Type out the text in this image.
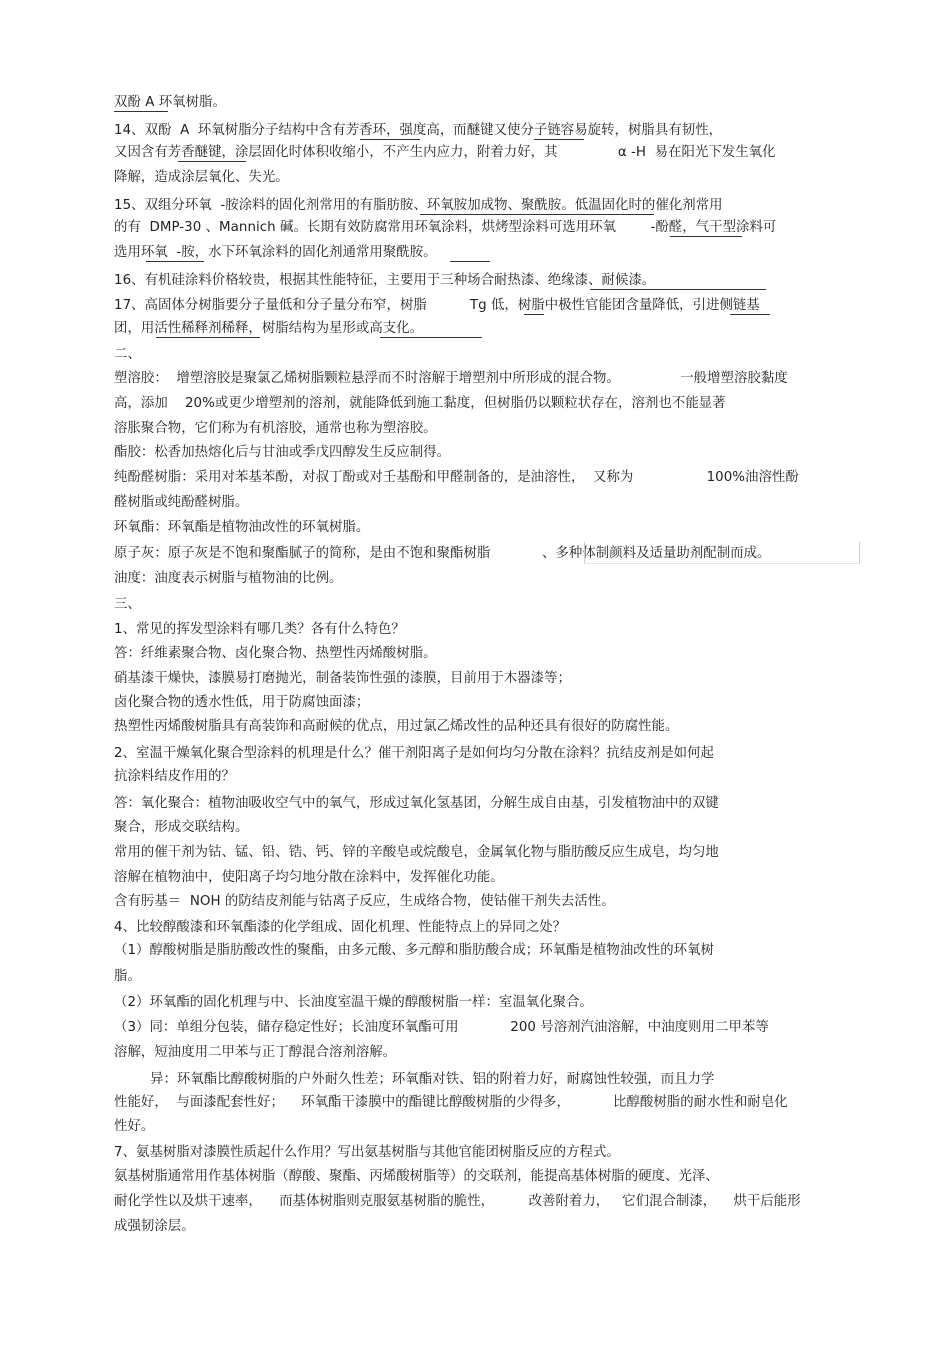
双酚 A 环氧树脂。
14、双酚  A  环氧树脂分子结构中含有芳香环，强度高，而醚键又使分子链容易旋转，树脂具有韧性，
又因含有芳香醚键，涂层固化时体积收缩小，不产生内应力，附着力好，其              α -H  易在阳光下发生氧化
降解，造成涂层氧化、失光。
15、双组分环氧  -胺涂料的固化剂常用的有脂肪胺、环氧胺加成物、聚酰胺。低温固化时的催化剂常用
的有  DMP-30 、Mannich 碱。长期有效防腐常用环氧涂料，烘烤型涂料可选用环氧        -酚醛，气干型涂料可
选用环氧  -胺，水下环氧涂料的固化剂通常用聚酰胺。
16、有机硅涂料价格较贵，根据其性能特征，主要用于三种场合耐热漆、绝缘漆、耐候漆。
17、高固体分树脂要分子量低和分子量分布窄，树脂          Tg 低，树脂中极性官能团含量降低，引进侧链基
团，用活性稀释剂稀释，树脂结构为星形或高支化。
二、
塑溶胶：  增塑溶胶是聚氯乙烯树脂颗粒悬浮而不时溶解于增塑剂中所形成的混合物。              一般增塑溶胶黏度
高，添加    20%或更少增塑剂的溶剂，就能降低到施工黏度，但树脂仍以颗粒状存在，溶剂也不能显著
溶胀聚合物，它们称为有机溶胶，通常也称为塑溶胶。
酯胶：松香加热熔化后与甘油或季戊四醇发生反应制得。
纯酚醛树脂：采用对苯基苯酚，对叔丁酚或对壬基酚和甲醛制备的，是油溶性，  又称为                 100%油溶性酚
醛树脂或纯酚醛树脂。
环氧酯：环氧酯是植物油改性的环氧树脂。
原子灰：原子灰是不饱和聚酯腻子的简称，是由不饱和聚酯树脂            、多种体制颜料及适量助剂配制而成。
油度：油度表示树脂与植物油的比例。
三、
1、常见的挥发型涂料有哪几类？各有什么特色？
答：纤维素聚合物、卤化聚合物、热塑性丙烯酸树脂。
硝基漆干燥快，漆膜易打磨抛光，制备装饰性强的漆膜，目前用于木器漆等；
卤化聚合物的透水性低，用于防腐蚀面漆；
热塑性丙烯酸树脂具有高装饰和高耐候的优点，用过氯乙烯改性的品种还具有很好的防腐性能。
2、室温干燥氧化聚合型涂料的机理是什么？催干剂阳离子是如何均匀分散在涂料？抗结皮剂是如何起
抗涂料结皮作用的？
答：氧化聚合：植物油吸收空气中的氧气，形成过氧化氢基团，分解生成自由基，引发植物油中的双键
聚合，形成交联结构。
常用的催干剂为钴、锰、铅、锆、钙、锌的辛酸皂或烷酸皂，金属氧化物与脂肪酸反应生成皂，均匀地
溶解在植物油中，使阳离子均匀地分散在涂料中，发挥催化功能。
含有肟基＝  NOH 的防结皮剂能与钴离子反应，生成络合物，使钴催干剂失去活性。
4、比较醇酸漆和环氧酯漆的化学组成、固化机理、性能特点上的异同之处？
（1）醇酸树脂是脂肪酸改性的聚酯，由多元酸、多元醇和脂肪酸合成；环氧酯是植物油改性的环氧树
脂。
（2）环氧酯的固化机理与中、长油度室温干燥的醇酸树脂一样：室温氧化聚合。
（3）同：单组分包装，储存稳定性好；长油度环氧酯可用            200 号溶剂汽油溶解，中油度则用二甲苯等
溶解，短油度用二甲苯与正丁醇混合溶剂溶解。
异：环氧酯比醇酸树脂的户外耐久性差；环氧酯对铁、铝的附着力好，耐腐蚀性较强，而且力学
性能好，  与面漆配套性好；    环氧酯干漆膜中的酯键比醇酸树脂的少得多，          比醇酸树脂的耐水性和耐皂化
性好。
7、氨基树脂对漆膜性质起什么作用？写出氨基树脂与其他官能团树脂反应的方程式。
氨基树脂通常用作基体树脂（醇酸、聚酯、丙烯酸树脂等）的交联剂，能提高基体树脂的硬度、光泽、
耐化学性以及烘干速率，    而基体树脂则克服氨基树脂的脆性，        改善附着力，   它们混合制漆，    烘干后能形
成强韧涂层。
